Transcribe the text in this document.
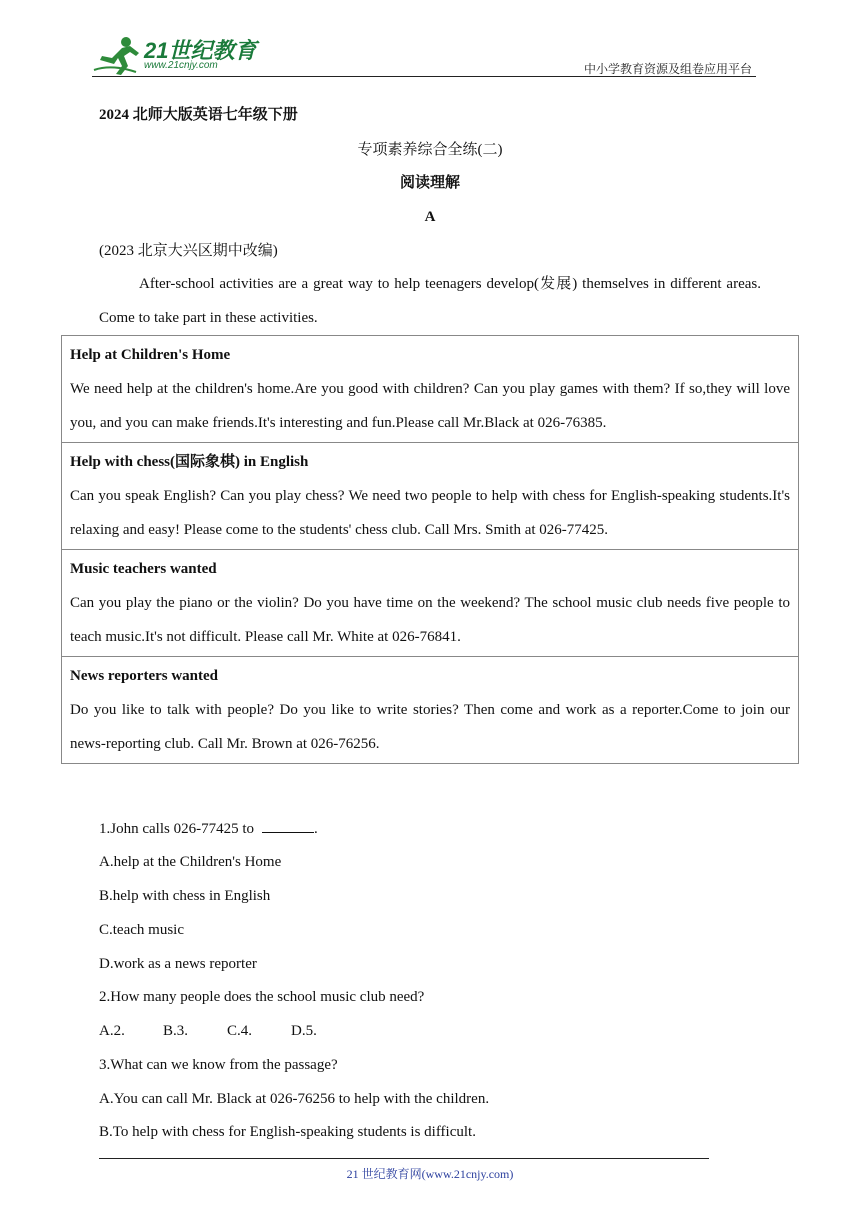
21世纪教育
www.21cnjy.com	中小学教育资源及组卷应用平台
2024 北师大版英语七年级下册
专项素养综合全练(二)
阅读理解
A
(2023 北京大兴区期中改编)
After-school activities are a great way to help teenagers develop(发展) themselves in different areas. Come to take part in these activities.
Help at Children's Home
We need help at the children's home.Are you good with children? Can you play games with them? If so,they will love you, and you can make friends.It's interesting and fun.Please call Mr.Black at 026-76385.
Help with chess(国际象棋) in English
Can you speak English? Can you play chess? We need two people to help with chess for English-speaking students.It's relaxing and easy! Please come to the students' chess club. Call Mrs. Smith at 026-77425.
Music teachers wanted
Can you play the piano or the violin? Do you have time on the weekend? The school music club needs five people to teach music.It's not difficult. Please call Mr. White at 026-76841.
News reporters wanted
Do you like to talk with people? Do you like to write stories? Then come and work as a reporter.Come to join our news-reporting club. Call Mr. Brown at 026-76256.
1.John calls 026-77425 to	.
A.help at the Children's Home
B.help with chess in English
C.teach music
D.work as a news reporter
2.How many people does the school music club need?
A.2.	B.3.	C.4.	D.5.
3.What can we know from the passage?
A.You can call Mr. Black at 026-76256 to help with the children.
B.To help with chess for English-speaking students is difficult.
21 世纪教育网(www.21cnjy.com)
